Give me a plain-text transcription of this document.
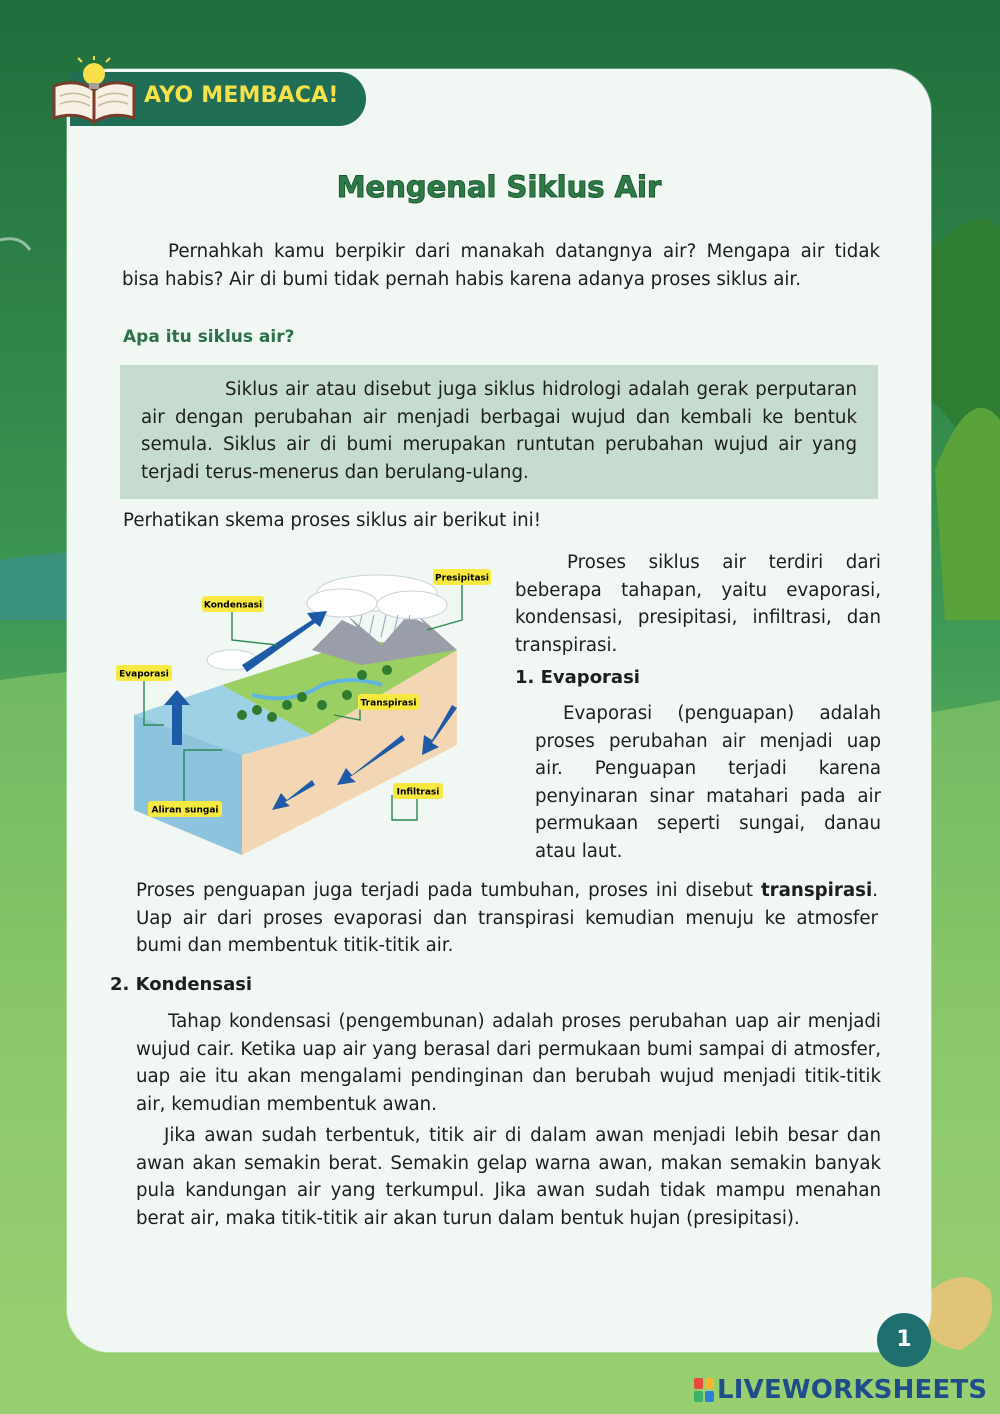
AYO MEMBACA!
Mengenal Siklus Air

Pernahkah kamu berpikir dari manakah datangnya air? Mengapa air tidak bisa habis? Air di bumi tidak pernah habis karena adanya proses siklus air.

Apa itu siklus air?

Siklus air atau disebut juga siklus hidrologi adalah gerak perputaran air dengan perubahan air menjadi berbagai wujud dan kembali ke bentuk semula. Siklus air di bumi merupakan runtutan perubahan wujud air yang terjadi terus-menerus dan berulang-ulang.

Perhatikan skema proses siklus air berikut ini!

Presipitasi
Kondensasi
Evaporasi
Transpirasi
Infiltrasi
Aliran sungai

Proses siklus air terdiri dari beberapa tahapan, yaitu evaporasi, kondensasi, presipitasi, infiltrasi, dan transpirasi.

1. Evaporasi

Evaporasi (penguapan) adalah proses perubahan air menjadi uap air. Penguapan terjadi karena penyinaran sinar matahari pada air permukaan seperti sungai, danau atau laut.

Proses penguapan juga terjadi pada tumbuhan, proses ini disebut transpirasi. Uap air dari proses evaporasi dan transpirasi kemudian menuju ke atmosfer bumi dan membentuk titik-titik air.

2. Kondensasi

Tahap kondensasi (pengembunan) adalah proses perubahan uap air menjadi wujud cair. Ketika uap air yang berasal dari permukaan bumi sampai di atmosfer, uap aie itu akan mengalami pendinginan dan berubah wujud menjadi titik-titik air, kemudian membentuk awan.

Jika awan sudah terbentuk, titik air di dalam awan menjadi lebih besar dan awan akan semakin berat. Semakin gelap warna awan, makan semakin banyak pula kandungan air yang terkumpul. Jika awan sudah tidak mampu menahan berat air, maka titik-titik air akan turun dalam bentuk hujan (presipitasi).

1
LIVEWORKSHEETS
